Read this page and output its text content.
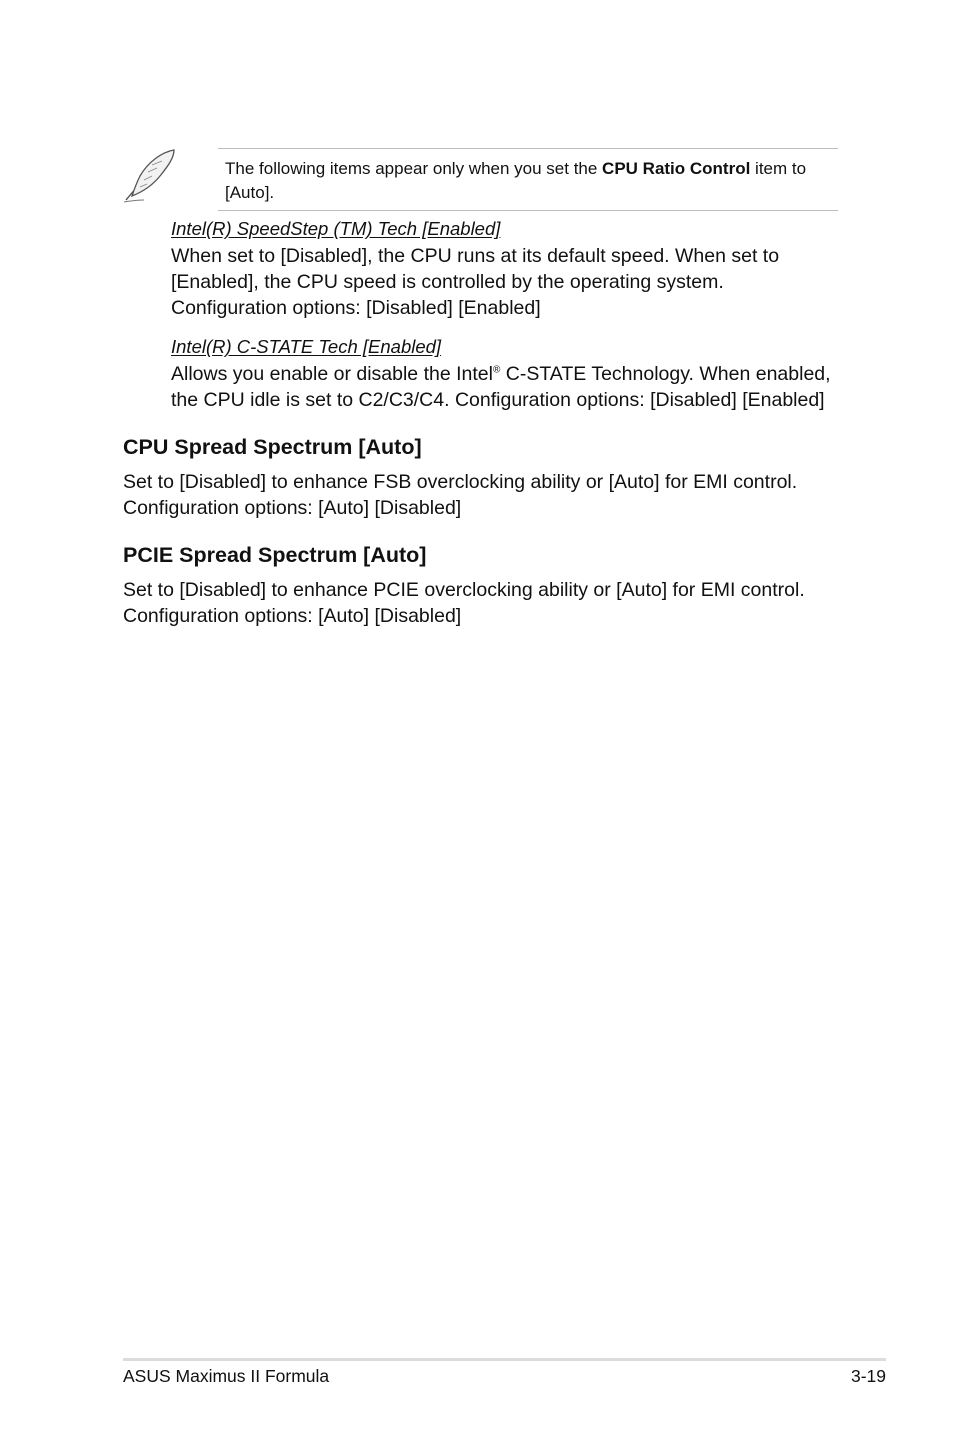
The following items appear only when you set the CPU Ratio Control item to
[Auto].
Intel(R) SpeedStep (TM) Tech [Enabled]
When set to [Disabled], the CPU runs at its default speed. When set to
[Enabled], the CPU speed is controlled by the operating system.
Configuration options: [Disabled] [Enabled]
Intel(R) C-STATE Tech [Enabled]
Allows you enable or disable the Intel® C-STATE Technology. When enabled,
the CPU idle is set to C2/C3/C4. Configuration options: [Disabled] [Enabled]
CPU Spread Spectrum [Auto]
Set to [Disabled] to enhance FSB overclocking ability or [Auto] for EMI control.
Configuration options: [Auto] [Disabled]
PCIE Spread Spectrum [Auto]
Set to [Disabled] to enhance PCIE overclocking ability or [Auto] for EMI control.
Configuration options: [Auto] [Disabled]
ASUS Maximus II Formula	3-19
